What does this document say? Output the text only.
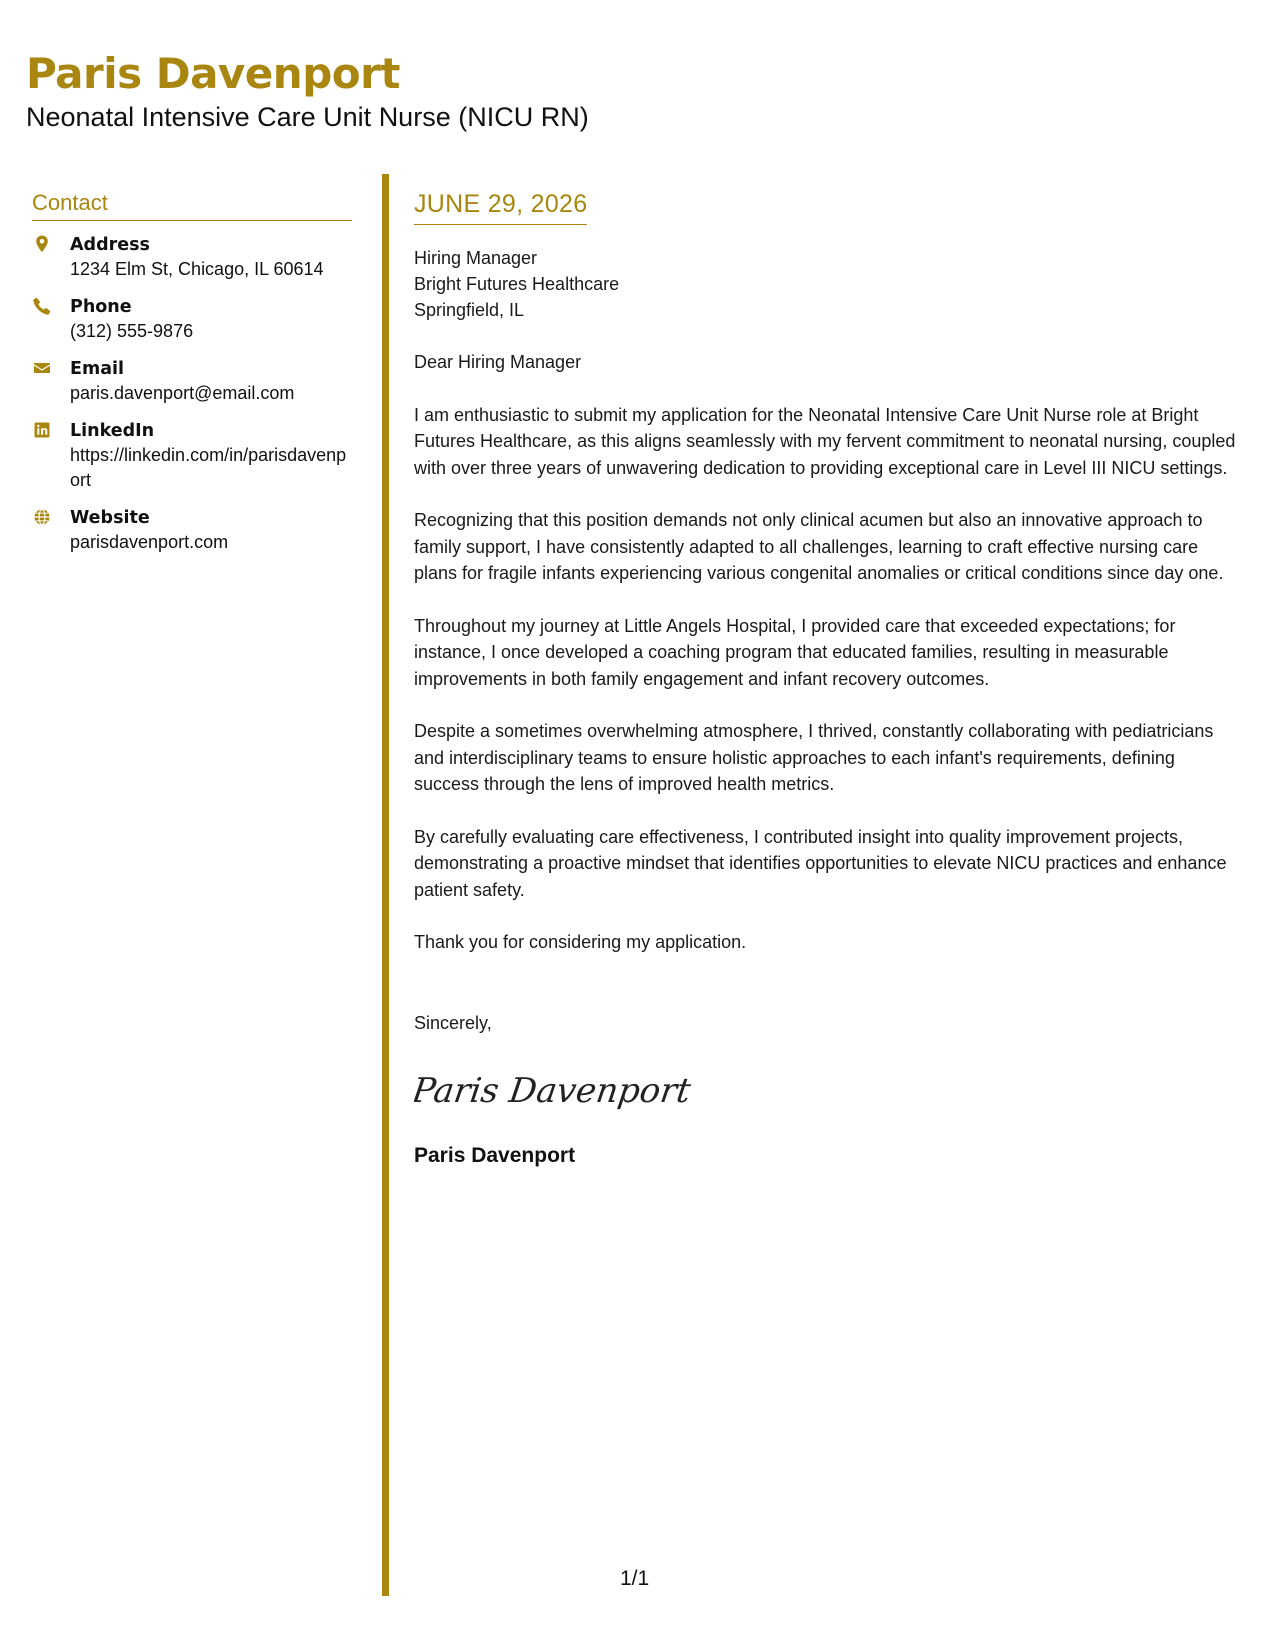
Paris Davenport
Neonatal Intensive Care Unit Nurse (NICU RN)
Contact
Address
1234 Elm St, Chicago, IL 60614
Phone
(312) 555-9876
Email
paris.davenport@email.com
LinkedIn
https://linkedin.com/in/parisdavenport
Website
parisdavenport.com
JUNE 29, 2026
Hiring Manager
Bright Futures Healthcare
Springfield, IL

Dear Hiring Manager

I am enthusiastic to submit my application for the Neonatal Intensive Care Unit Nurse role at Bright Futures Healthcare, as this aligns seamlessly with my fervent commitment to neonatal nursing, coupled with over three years of unwavering dedication to providing exceptional care in Level III NICU settings.

Recognizing that this position demands not only clinical acumen but also an innovative approach to family support, I have consistently adapted to all challenges, learning to craft effective nursing care plans for fragile infants experiencing various congenital anomalies or critical conditions since day one.

Throughout my journey at Little Angels Hospital, I provided care that exceeded expectations; for instance, I once developed a coaching program that educated families, resulting in measurable improvements in both family engagement and infant recovery outcomes.

Despite a sometimes overwhelming atmosphere, I thrived, constantly collaborating with pediatricians and interdisciplinary teams to ensure holistic approaches to each infant's requirements, defining success through the lens of improved health metrics.

By carefully evaluating care effectiveness, I contributed insight into quality improvement projects, demonstrating a proactive mindset that identifies opportunities to elevate NICU practices and enhance patient safety.

Thank you for considering my application.

Sincerely,
Paris Davenport
Paris Davenport
1/1
